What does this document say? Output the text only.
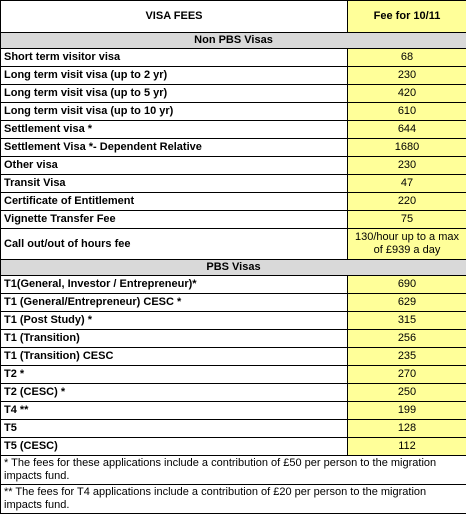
VISA FEES	Fee for 10/11
Non PBS Visas	
Short term visitor visa	68
Long term visit visa (up to 2 yr)	230
Long term visit visa (up to 5 yr)	420
Long term visit visa (up to 10 yr)	610
Settlement visa *	644
Settlement Visa *- Dependent Relative	1680
Other visa	230
Transit Visa	47
Certificate of Entitlement	220
Vignette Transfer Fee	75
Call out/out of hours fee	130/hour up to a max of £939 a day
PBS Visas	
T1(General, Investor / Entrepreneur)*	690
T1 (General/Entrepreneur) CESC *	629
T1 (Post Study) *	315
T1 (Transition)	256
T1 (Transition) CESC	235
T2 *	270
T2 (CESC) *	250
T4 **	199
T5	128
T5 (CESC)	112
* The fees for these applications include a contribution of £50 per person to the migration impacts fund.	
** The fees for T4 applications include a contribution of £20 per person to the migration impacts fund.	
